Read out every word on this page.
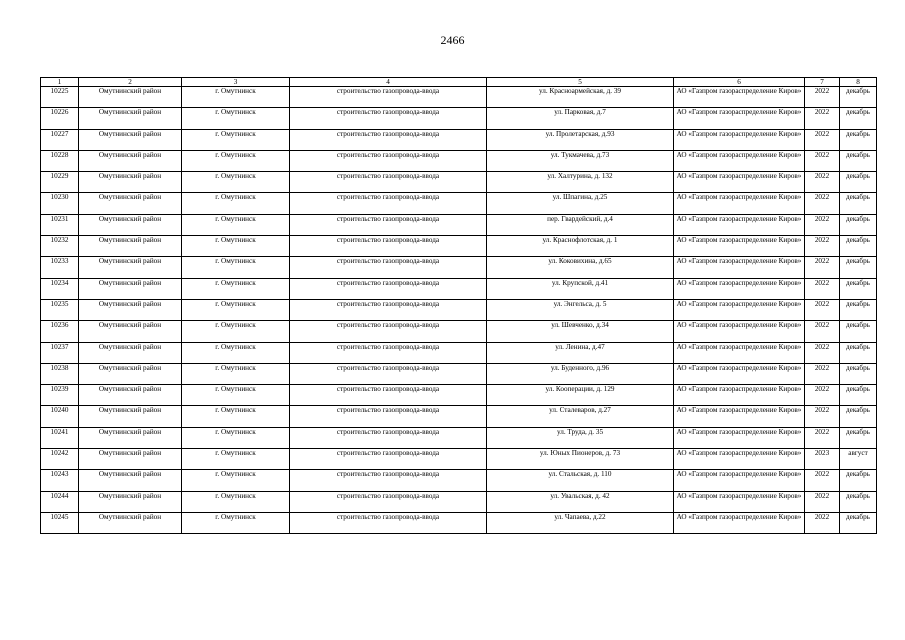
2466
1	2	3	4	5	6	7	8
10225	Омутнинский район	г. Омутнинск	строительство газопровода-ввода	ул. Красноармейская, д. 39	АО «Газпром газораспределение Киров»	2022	декабрь
10226	Омутнинский район	г. Омутнинск	строительство газопровода-ввода	ул. Парковая, д.7	АО «Газпром газораспределение Киров»	2022	декабрь
10227	Омутнинский район	г. Омутнинск	строительство газопровода-ввода	ул. Пролетарская, д.93	АО «Газпром газораспределение Киров»	2022	декабрь
10228	Омутнинский район	г. Омутнинск	строительство газопровода-ввода	ул. Тукмачева, д.73	АО «Газпром газораспределение Киров»	2022	декабрь
10229	Омутнинский район	г. Омутнинск	строительство газопровода-ввода	ул. Халтурина, д. 132	АО «Газпром газораспределение Киров»	2022	декабрь
10230	Омутнинский район	г. Омутнинск	строительство газопровода-ввода	ул. Шпагина, д.25	АО «Газпром газораспределение Киров»	2022	декабрь
10231	Омутнинский район	г. Омутнинск	строительство газопровода-ввода	пер. Гвардейский, д.4	АО «Газпром газораспределение Киров»	2022	декабрь
10232	Омутнинский район	г. Омутнинск	строительство газопровода-ввода	ул. Краснофлотская, д. 1	АО «Газпром газораспределение Киров»	2022	декабрь
10233	Омутнинский район	г. Омутнинск	строительство газопровода-ввода	ул. Коковихина, д.65	АО «Газпром газораспределение Киров»	2022	декабрь
10234	Омутнинский район	г. Омутнинск	строительство газопровода-ввода	ул. Крупской, д.41	АО «Газпром газораспределение Киров»	2022	декабрь
10235	Омутнинский район	г. Омутнинск	строительство газопровода-ввода	ул. Энгельса, д. 5	АО «Газпром газораспределение Киров»	2022	декабрь
10236	Омутнинский район	г. Омутнинск	строительство газопровода-ввода	ул. Шевченко, д.34	АО «Газпром газораспределение Киров»	2022	декабрь
10237	Омутнинский район	г. Омутнинск	строительство газопровода-ввода	ул. Ленина, д.47	АО «Газпром газораспределение Киров»	2022	декабрь
10238	Омутнинский район	г. Омутнинск	строительство газопровода-ввода	ул. Буденного, д.96	АО «Газпром газораспределение Киров»	2022	декабрь
10239	Омутнинский район	г. Омутнинск	строительство газопровода-ввода	ул. Кооперации, д. 129	АО «Газпром газораспределение Киров»	2022	декабрь
10240	Омутнинский район	г. Омутнинск	строительство газопровода-ввода	ул. Сталеваров, д.27	АО «Газпром газораспределение Киров»	2022	декабрь
10241	Омутнинский район	г. Омутнинск	строительство газопровода-ввода	ул. Труда, д. 35	АО «Газпром газораспределение Киров»	2022	декабрь
10242	Омутнинский район	г. Омутнинск	строительство газопровода-ввода	ул. Юных Пионеров, д. 73	АО «Газпром газораспределение Киров»	2023	август
10243	Омутнинский район	г. Омутнинск	строительство газопровода-ввода	ул. Стальская, д. 110	АО «Газпром газораспределение Киров»	2022	декабрь
10244	Омутнинский район	г. Омутнинск	строительство газопровода-ввода	ул. Увальская, д. 42	АО «Газпром газораспределение Киров»	2022	декабрь
10245	Омутнинский район	г. Омутнинск	строительство газопровода-ввода	ул. Чапаева, д.22	АО «Газпром газораспределение Киров»	2022	декабрь
